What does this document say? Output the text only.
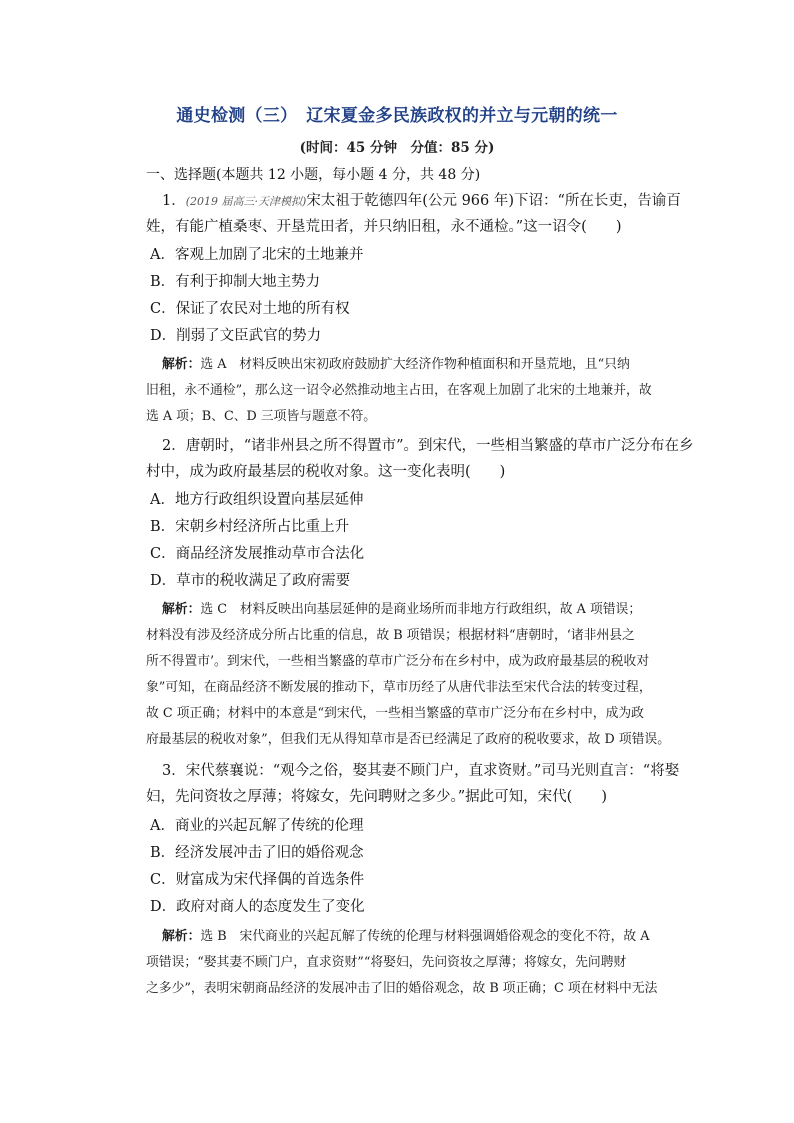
通史检测（三）　辽宋夏金多民族政权的并立与元朝的统一
(时间：45 分钟　分值：85 分)
一、选择题(本题共 12 小题，每小题 4 分，共 48 分)
1．(2019 届高三·天津模拟)宋太祖于乾德四年(公元 966 年)下诏：“所在长吏，告谕百
姓，有能广植桑枣、开垦荒田者，并只纳旧租，永不通检。”这一诏令(　　)
A．客观上加剧了北宋的土地兼并
B．有利于抑制大地主势力
C．保证了农民对土地的所有权
D．削弱了文臣武官的势力
解析：选 A　材料反映出宋初政府鼓励扩大经济作物种植面积和开垦荒地，且“只纳
旧租，永不通检”，那么这一诏令必然推动地主占田，在客观上加剧了北宋的土地兼并，故
选 A 项；B、C、D 三项皆与题意不符。
2．唐朝时，“诸非州县之所不得置市”。到宋代，一些相当繁盛的草市广泛分布在乡
村中，成为政府最基层的税收对象。这一变化表明(　　)
A．地方行政组织设置向基层延伸
B．宋朝乡村经济所占比重上升
C．商品经济发展推动草市合法化
D．草市的税收满足了政府需要
解析：选 C　材料反映出向基层延伸的是商业场所而非地方行政组织，故 A 项错误；
材料没有涉及经济成分所占比重的信息，故 B 项错误；根据材料“唐朝时，‘诸非州县之
所不得置市’。到宋代，一些相当繁盛的草市广泛分布在乡村中，成为政府最基层的税收对
象”可知，在商品经济不断发展的推动下，草市历经了从唐代非法至宋代合法的转变过程，
故 C 项正确；材料中的本意是“到宋代，一些相当繁盛的草市广泛分布在乡村中，成为政
府最基层的税收对象”，但我们无从得知草市是否已经满足了政府的税收要求，故 D 项错误。
3．宋代蔡襄说：“观今之俗，娶其妻不顾门户，直求资财。”司马光则直言：“将娶
妇，先问资妆之厚薄；将嫁女，先问聘财之多少。”据此可知，宋代(　　)
A．商业的兴起瓦解了传统的伦理
B．经济发展冲击了旧的婚俗观念
C．财富成为宋代择偶的首选条件
D．政府对商人的态度发生了变化
解析：选 B　宋代商业的兴起瓦解了传统的伦理与材料强调婚俗观念的变化不符，故 A
项错误；“娶其妻不顾门户，直求资财”“将娶妇，先问资妆之厚薄；将嫁女，先问聘财
之多少”，表明宋朝商品经济的发展冲击了旧的婚俗观念，故 B 项正确；C 项在材料中无法
